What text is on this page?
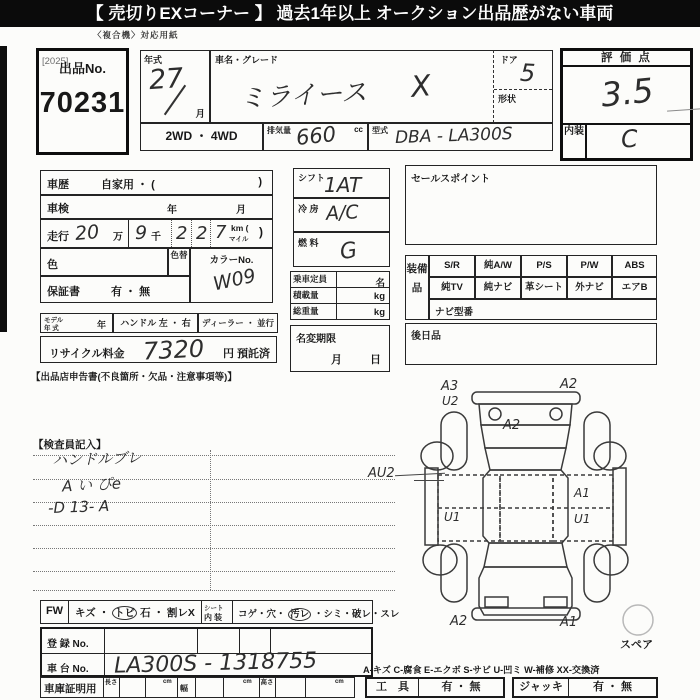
【 売切りEXコーナー 】 過去1年以上 オークション出品歴がない車両
〈複合機〉対応用紙
[2025]
出品No.
70231
年式
27
月
車名・グレード
ミライース X
ドア 5
形状
2WD ・ 4WD	排気量	cc
660	型式 DBA - LA300S
評 価 点
3.5
内装 C
車歴	自家用 ・ (	)
車検	年	月
走行 20 万 9 千 2 2 7 km (
マイル
)
色
色替	カラーNo.
W09
保証書	有 ・ 無
モデル
年 式	年	ハンドル 左 ・ 右	ディーラー ・ 並行
リサイクル料金 7320 円 預託済
【出品店申告書(不良箇所・欠品・注意事項等)】
シフト
1AT
冷 房 A/C
燃 料 G
乗車定員	名
積載量	kg
総重量	kg
名変期限
月	日
セールスポイント
装備品
S/R	純A/W	P/S	P/W	ABS
純TV	純ナビ	革シート	外ナビ	エアB
ナビ型番
後日品
【検査員記入】
ハンドルブレ
A い ぴe
-D 13- A
A3
U2
A2
A2
AU2
A1
U1	U1
A2	A1
スペア
A-キズ C-腐食 E-エクボ S-サビ U-凹ミ W-補修 XX-交換済
FW	キズ ・ トビ 石 ・ 割レX シート
内装 コゲ・穴・ 汚レ ・シミ・破レ・スレ
登 録 No.
車 台 No. LA300S - 1318755
車庫証明用
長さ	cm
幅
cm 高さ	cm	工　具	有 ・ 無	ジャッキ	有 ・ 無
